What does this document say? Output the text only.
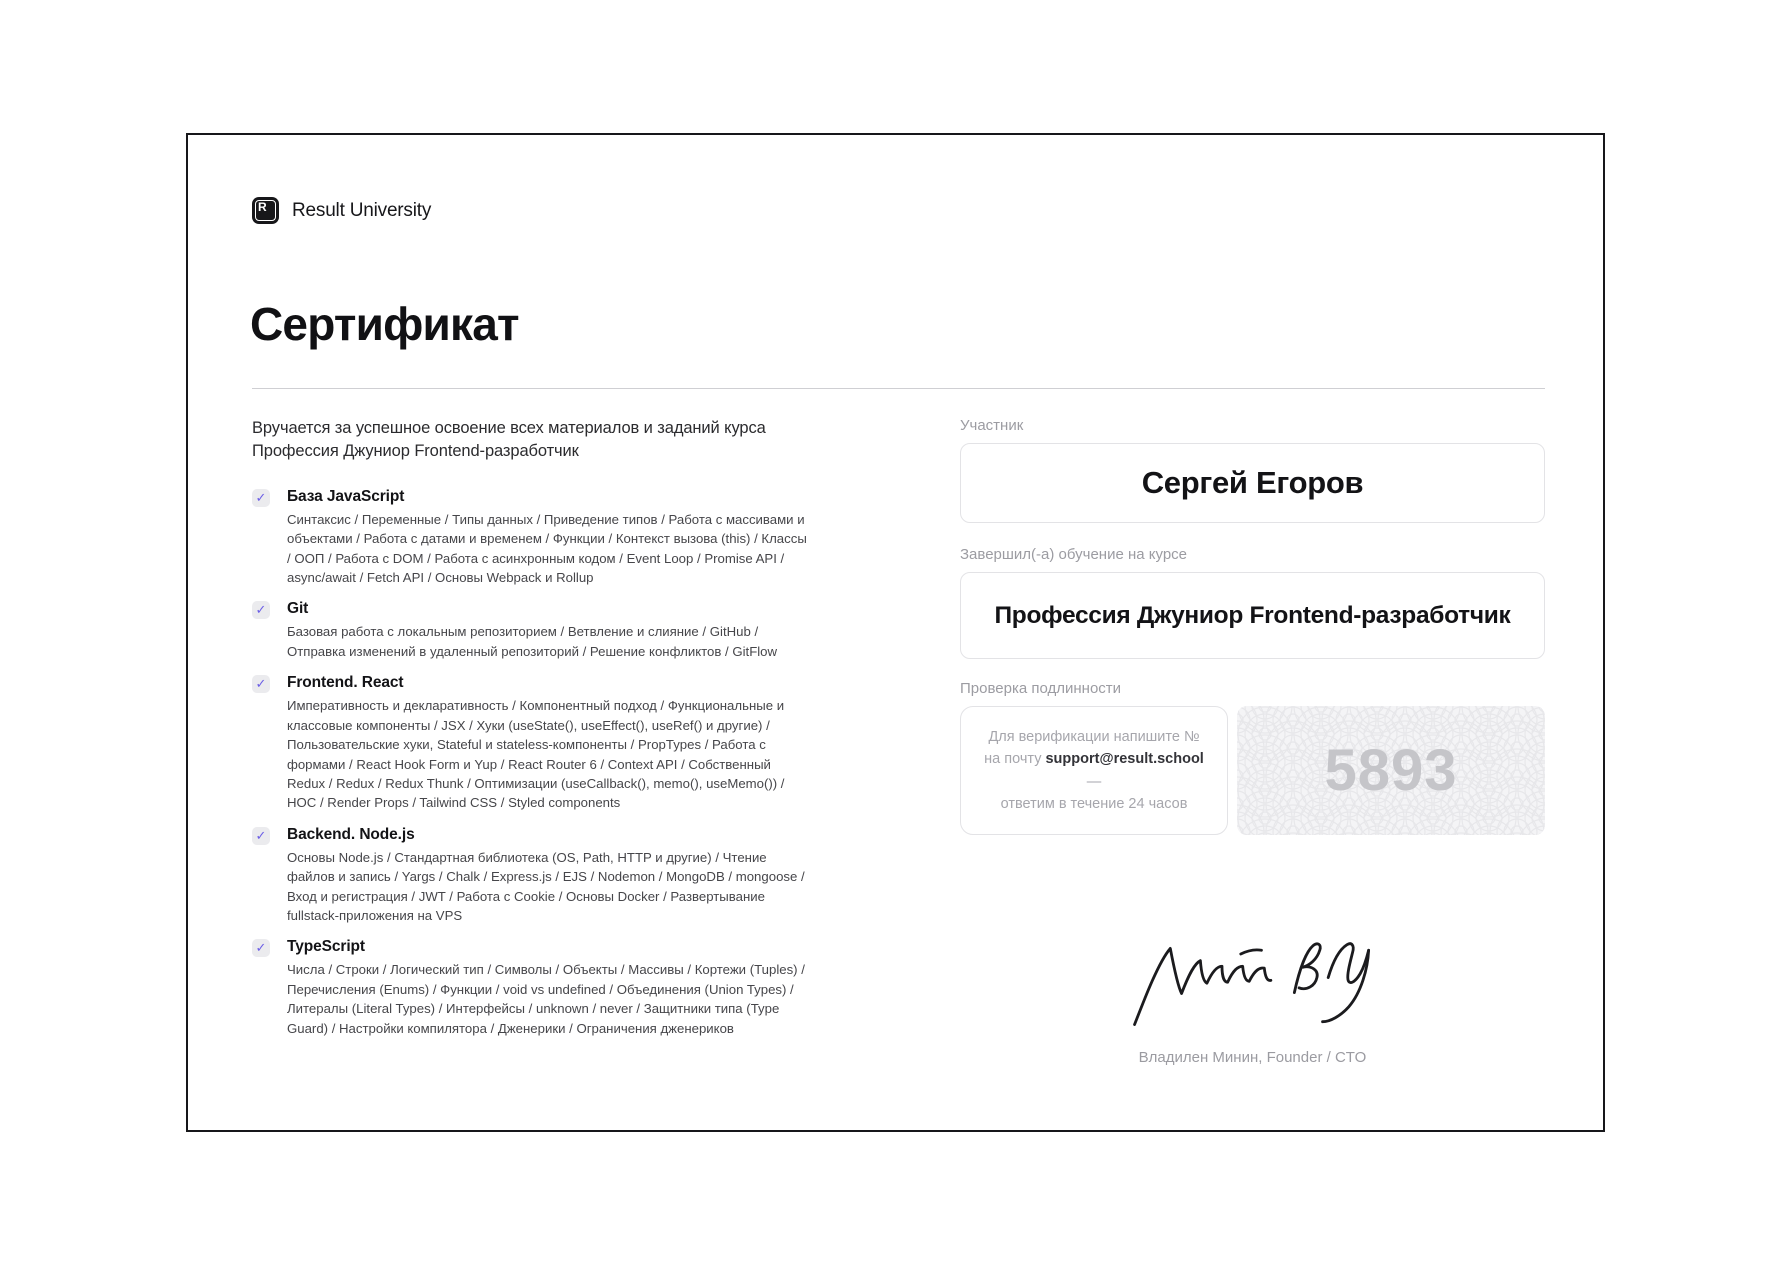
R Result University
Сертификат

Вручается за успешное освоение всех материалов и заданий курса Профессия Джуниор Frontend-разработчик

✓ База JavaScript

Синтаксис / Переменные / Типы данных / Приведение типов / Работа с массивами и объектами / Работа с датами и временем / Функции / Контекст вызова (this) / Классы / ООП / Работа с DOM / Работа с асинхронным кодом / Event Loop / Promise API / async/await / Fetch API / Основы Webpack и Rollup

✓ Git

Базовая работа с локальным репозиторием / Ветвление и слияние / GitHub / Отправка изменений в удаленный репозиторий / Решение конфликтов / GitFlow

✓ Frontend. React

Императивность и декларативность / Компонентный подход / Функциональные и классовые компоненты / JSX / Хуки (useState(), useEffect(), useRef() и другие) / Пользовательские хуки, Stateful и stateless-компоненты / PropTypes / Работа с формами / React Hook Form и Yup / React Router 6 / Context API / Собственный Redux / Redux / Redux Thunk / Оптимизации (useCallback(), memo(), useMemo()) / HOC / Render Props / Tailwind CSS / Styled components

✓ Backend. Node.js

Основы Node.js / Стандартная библиотека (OS, Path, HTTP и другие) / Чтение файлов и запись / Yargs / Chalk / Express.js / EJS / Nodemon / MongoDB / mongoose / Вход и регистрация / JWT / Работа с Cookie / Основы Docker / Развертывание fullstack-приложения на VPS

✓ TypeScript

Числа / Строки / Логический тип / Символы / Объекты / Массивы / Кортежи (Tuples) / Перечисления (Enums) / Функции / void vs undefined / Объединения (Union Types) / Литералы (Literal Types) / Интерфейсы / unknown / never / Защитники типа (Type Guard) / Настройки компилятора / Дженерики / Ограничения дженериков

Участник

Сергей Егоров

Завершил(-а) обучение на курсе

Профессия Джуниор Frontend-разработчик

Проверка подлинности

Для верификации напишите №
на почту support@result.school —
ответим в течение 24 часов
5893
Владилен Минин, Founder / CTO
